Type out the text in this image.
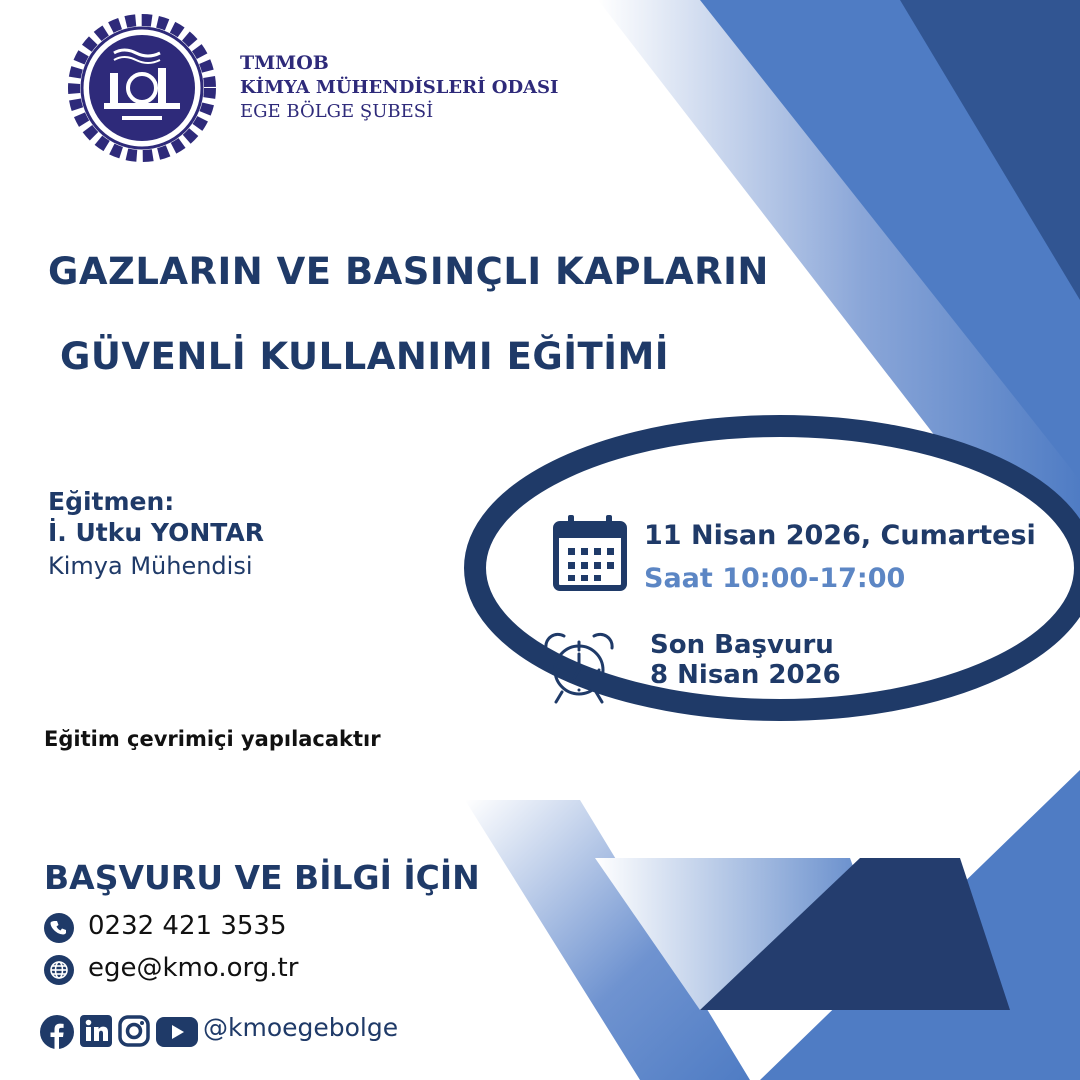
TMMOB
KİMYA MÜHENDİSLERİ ODASI
EGE BÖLGE ŞUBESİ
GAZLARIN VE BASINÇLI KAPLARIN
GÜVENLİ KULLANIMI EĞİTİMİ
Eğitmen:
İ. Utku YONTAR
Kimya Mühendisi
11 Nisan 2026, Cumartesi
Saat 10:00-17:00
Son Başvuru
8 Nisan 2026
Eğitim çevrimiçi yapılacaktır
BAŞVURU VE BİLGİ İÇİN
0232 421 3535
ege@kmo.org.tr
@kmoegebolge
